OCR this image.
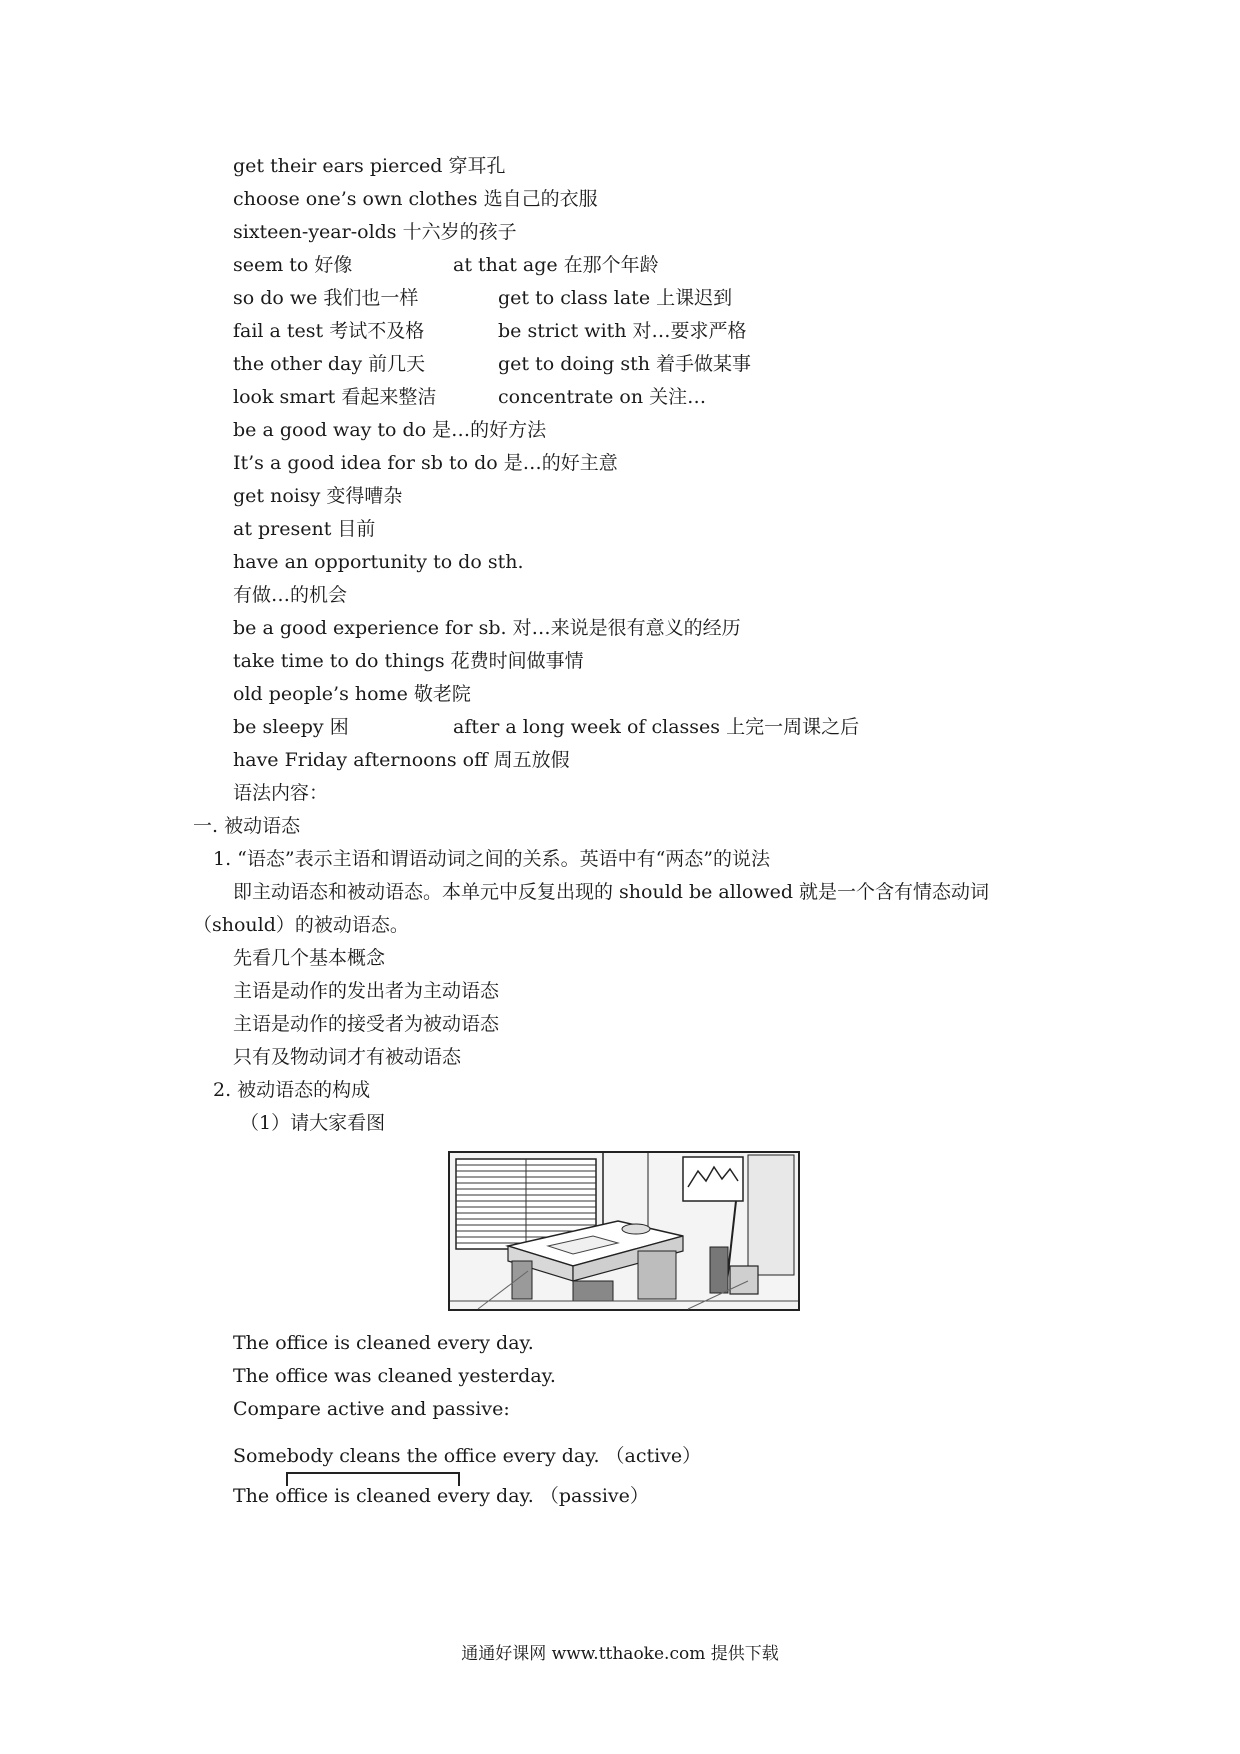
get their ears pierced 穿耳孔
choose one’s own clothes 选自己的衣服
sixteen-year-olds 十六岁的孩子
seem to 好像	at that age 在那个年龄
so do we 我们也一样	get to class late 上课迟到
fail a test 考试不及格	be strict with 对…要求严格
the other day 前几天	get to doing sth 着手做某事
look smart 看起来整洁	concentrate on 关注…
be a good way to do 是…的好方法
It’s a good idea for sb to do 是…的好主意
get noisy 变得嘈杂
at present 目前
have an opportunity to do sth.
有做…的机会
be a good experience for sb. 对…来说是很有意义的经历
take time to do things 花费时间做事情
old people’s home 敬老院
be sleepy 困	after a long week of classes 上完一周课之后
have Friday afternoons off 周五放假
语法内容：
一. 被动语态
1. “语态”表示主语和谓语动词之间的关系。英语中有“两态”的说法
即主动语态和被动语态。本单元中反复出现的 should be allowed 就是一个含有情态动词
（should）的被动语态。
先看几个基本概念
主语是动作的发出者为主动语态
主语是动作的接受者为被动语态
只有及物动词才有被动语态
2. 被动语态的构成
（1）请大家看图
The office is cleaned every day.
The office was cleaned yesterday.
Compare active and passive:
Somebody cleans the office every day. （active）
The office is cleaned every day. （passive）
通通好课网 www.tthaoke.com 提供下载
